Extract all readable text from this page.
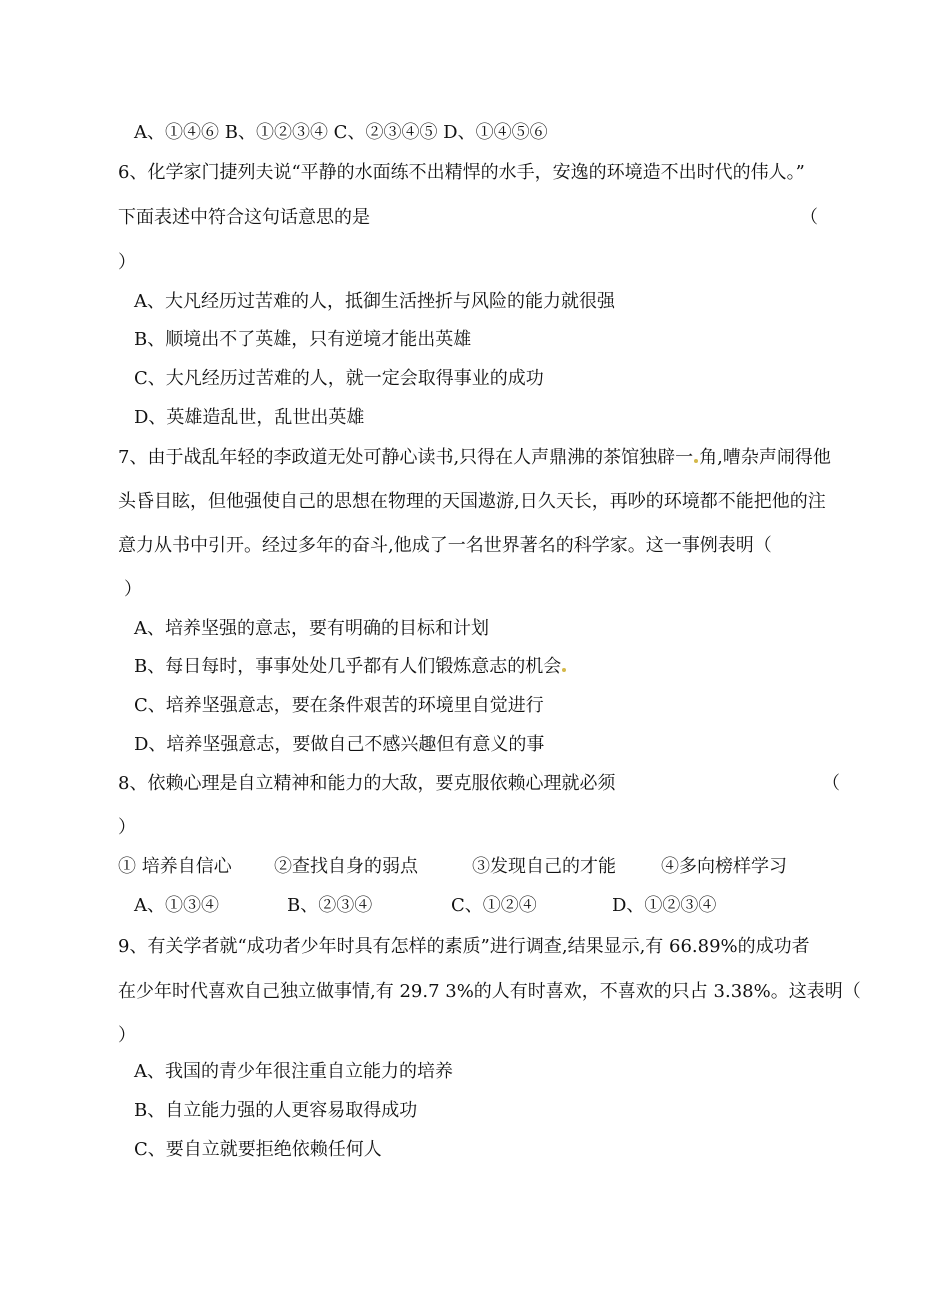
A、①④⑥ B、①②③④ C、②③④⑤ D、①④⑤⑥
6、化学家门捷列夫说“平静的水面练不出精悍的水手，安逸的环境造不出时代的伟人。”
下面表述中符合这句话意思的是	（
）
A、大凡经历过苦难的人，抵御生活挫折与风险的能力就很强
B、顺境出不了英雄，只有逆境才能出英雄
C、大凡经历过苦难的人，就一定会取得事业的成功
D、英雄造乱世，乱世出英雄
7、由于战乱年轻的李政道无处可静心读书,只得在人声鼎沸的茶馆独辟一 角,嘈杂声闹得他
头昏目眩，但他强使自己的思想在物理的天国遨游,日久天长，再吵的环境都不能把他的注
意力从书中引开。经过多年的奋斗,他成了一名世界著名的科学家。这一事例表明（
）
A、培养坚强的意志，要有明确的目标和计划
B、每日每时，事事处处几乎都有人们锻炼意志的机会
C、培养坚强意志，要在条件艰苦的环境里自觉进行
D、培养坚强意志，要做自己不感兴趣但有意义的事
8、依赖心理是自立精神和能力的大敌，要克服依赖心理就必须	（
）
① 培养自信心 ②查找自身的弱点	③发现自己的才能	④多向榜样学习
A、①③④	B、②③④	C、①②④	D、①②③④
9、有关学者就“成功者少年时具有怎样的素质”进行调查,结果显示,有 66.89%的成功者
在少年时代喜欢自己独立做事情,有 29.7 3%的人有时喜欢，不喜欢的只占 3.38%。这表明（
）
A、我国的青少年很注重自立能力的培养
B、自立能力强的人更容易取得成功
C、要自立就要拒绝依赖任何人
